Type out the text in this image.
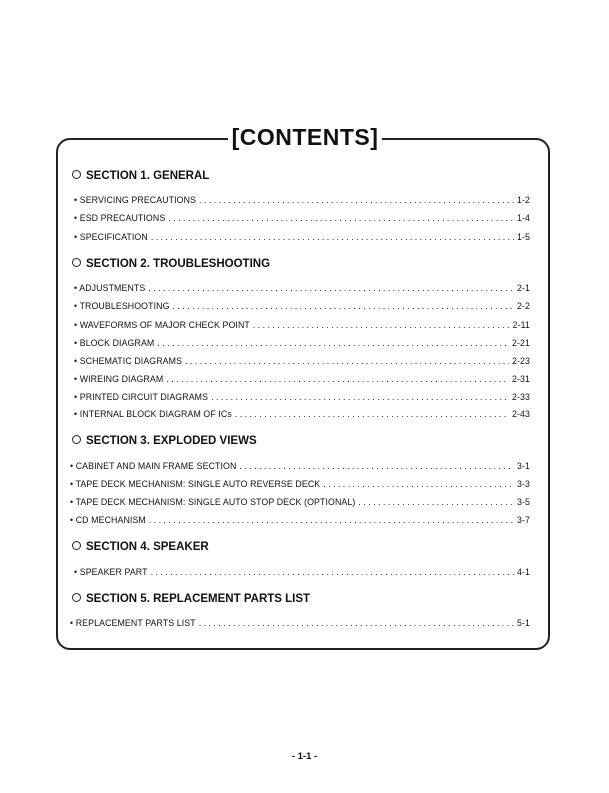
[CONTENTS]
SECTION 1. GENERAL
• SERVICING PRECAUTIONS . . .	1-2
• ESD PRECAUTIONS . . .	1-4
• SPECIFICATION . . .	1-5
SECTION 2. TROUBLESHOOTING
• ADJUSTMENTS . . .	2-1
• TROUBLESHOOTING . . .	2-2
• WAVEFORMS OF MAJOR CHECK POINT . . .	2-11
• BLOCK DIAGRAM . . .	2-21
• SCHEMATIC DIAGRAMS . . .	2-23
• WIREING DIAGRAM . . .	2-31
• PRINTED CIRCUIT DIAGRAMS . . .	2-33
• INTERNAL BLOCK DIAGRAM OF ICs . . .	2-43
SECTION 3. EXPLODED VIEWS
• CABINET AND MAIN FRAME SECTION . . .	3-1
• TAPE DECK MECHANISM: SINGLE AUTO REVERSE DECK . . .	3-3
• TAPE DECK MECHANISM: SINGLE AUTO STOP DECK (OPTIONAL) . . .	3-5
• CD MECHANISM . . .	3-7
SECTION 4. SPEAKER
• SPEAKER PART . . .	4-1
SECTION 5. REPLACEMENT PARTS LIST
• REPLACEMENT PARTS LIST . . .	5-1
- 1-1 -
